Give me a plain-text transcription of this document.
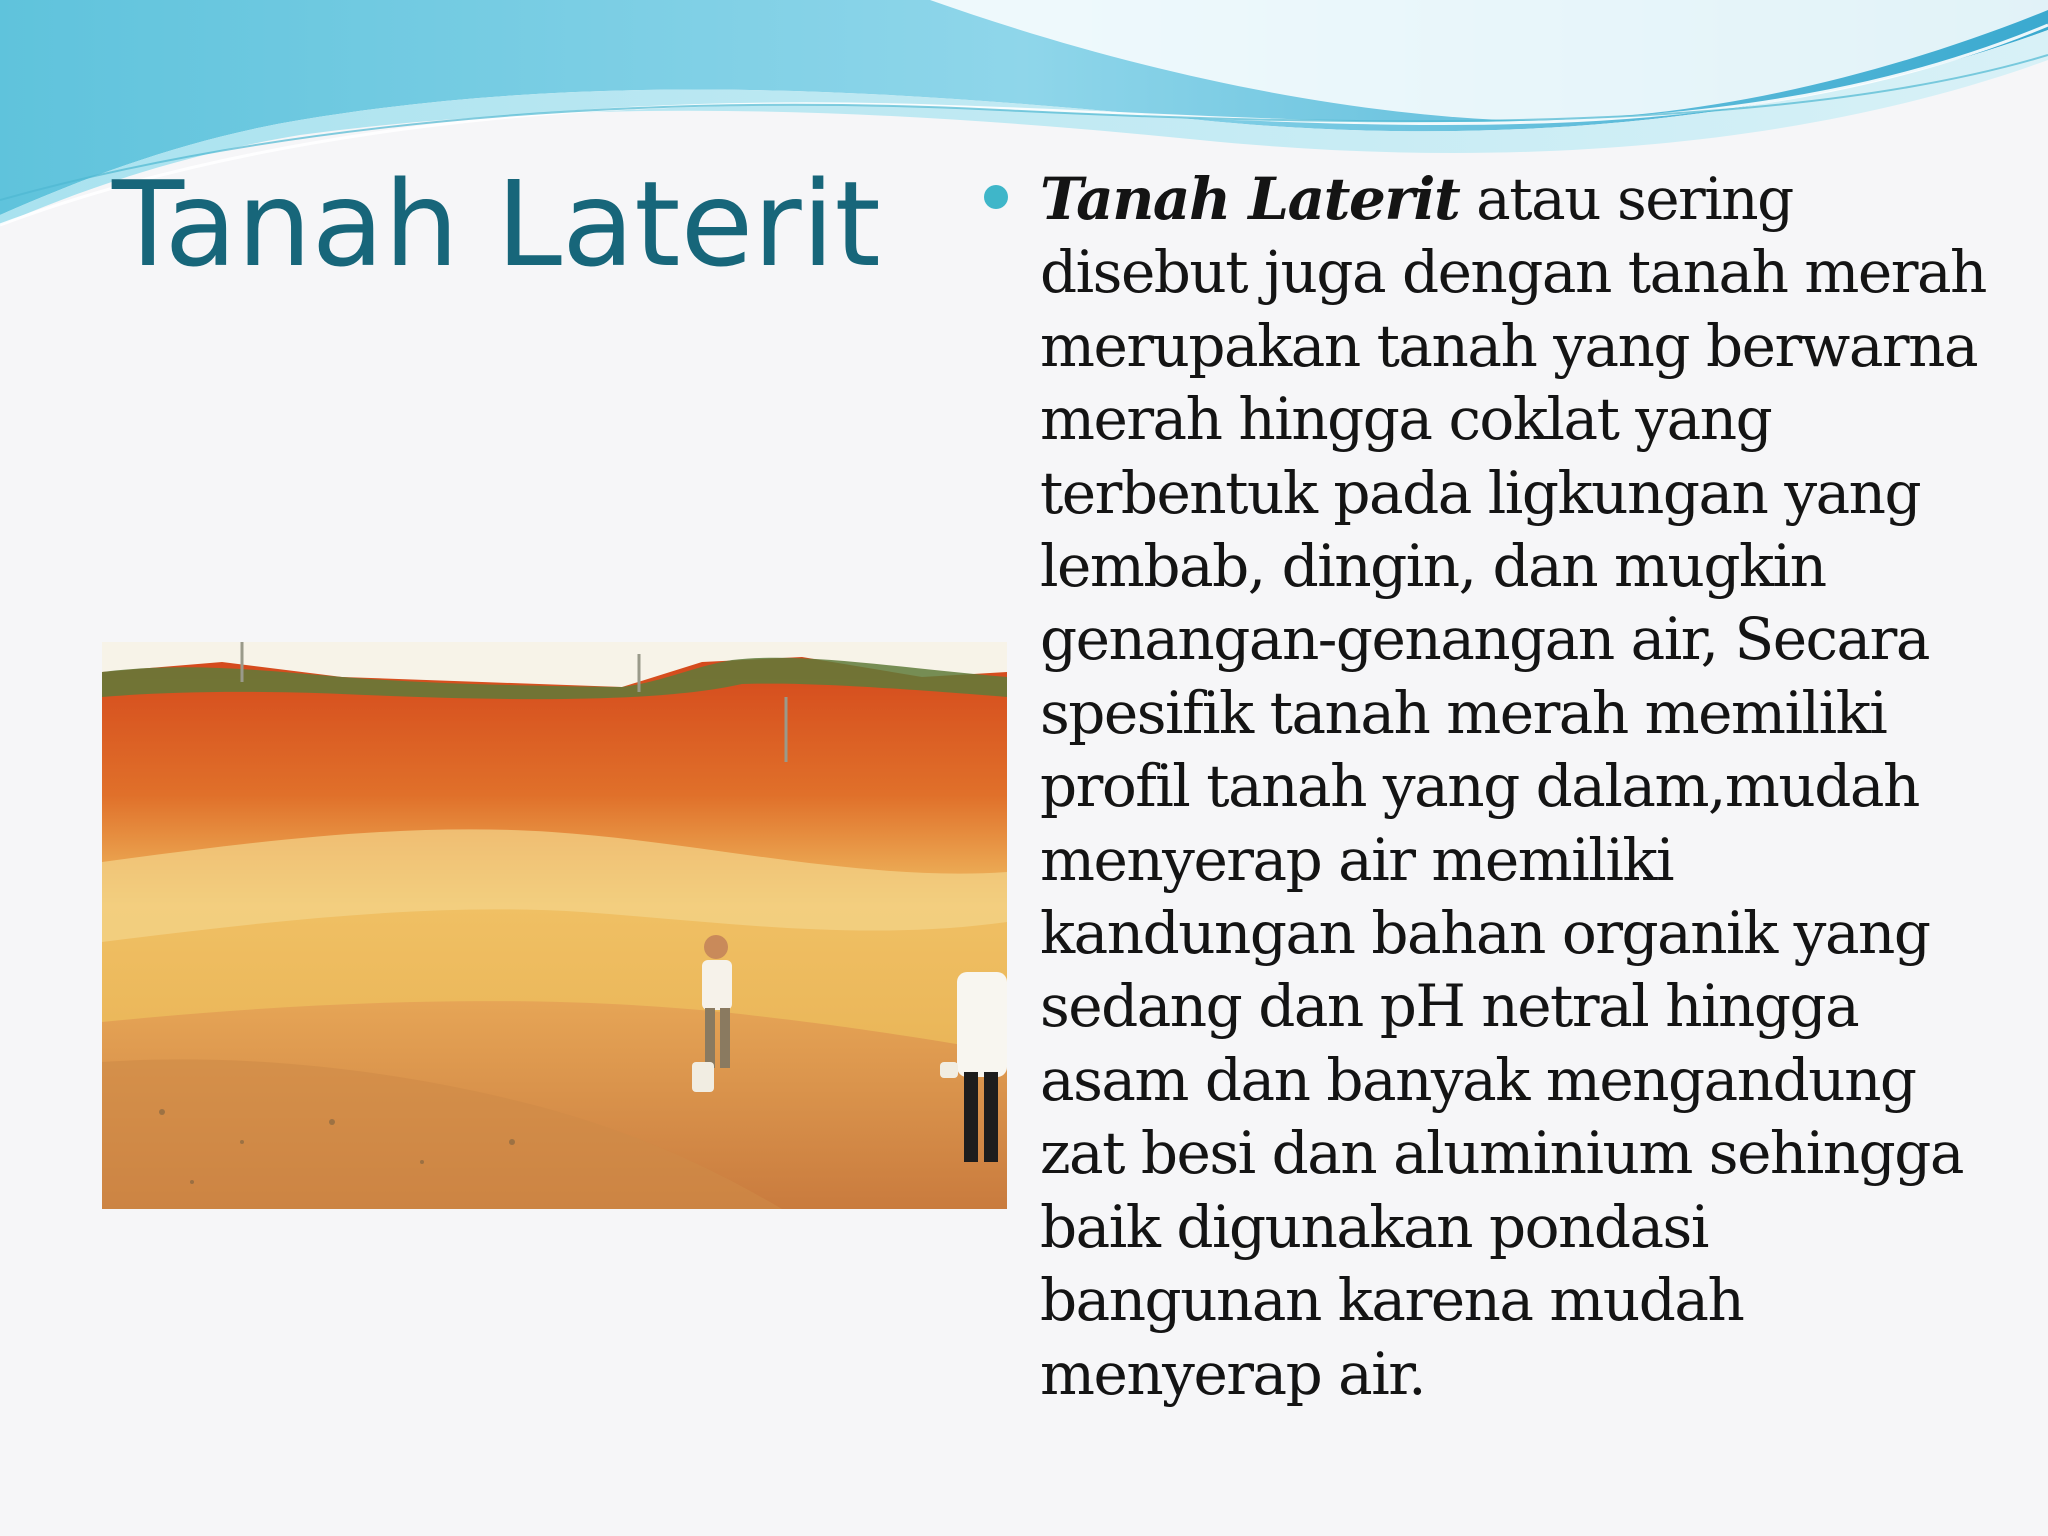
Tanah Laterit	Tanah Laterit atau sering
disebut juga dengan tanah merah
merupakan tanah yang berwarna
merah hingga coklat yang
terbentuk pada ligkungan yang
lembab, dingin, dan mugkin
genangan-genangan air, Secara
spesifik tanah merah memiliki
profil tanah yang dalam,mudah
menyerap air memiliki
kandungan bahan organik yang
sedang dan pH netral hingga
asam dan banyak mengandung
zat besi dan aluminium sehingga
baik digunakan pondasi
bangunan karena mudah
menyerap air.
